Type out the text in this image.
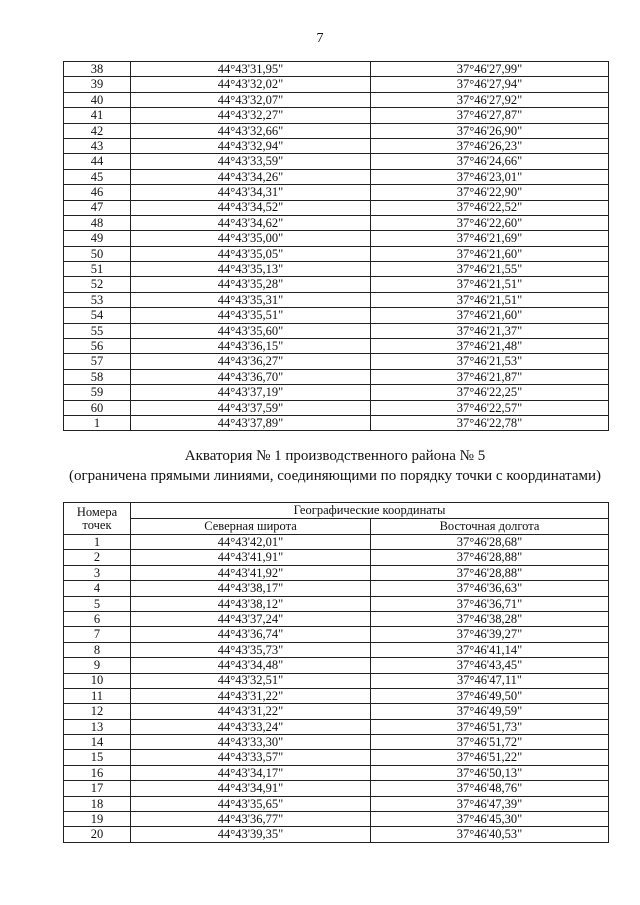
7
38	44°43'31,95"	37°46'27,99"
39	44°43'32,02"	37°46'27,94"
40	44°43'32,07"	37°46'27,92"
41	44°43'32,27"	37°46'27,87"
42	44°43'32,66"	37°46'26,90"
43	44°43'32,94"	37°46'26,23"
44	44°43'33,59"	37°46'24,66"
45	44°43'34,26"	37°46'23,01"
46	44°43'34,31"	37°46'22,90"
47	44°43'34,52"	37°46'22,52"
48	44°43'34,62"	37°46'22,60"
49	44°43'35,00"	37°46'21,69"
50	44°43'35,05"	37°46'21,60"
51	44°43'35,13"	37°46'21,55"
52	44°43'35,28"	37°46'21,51"
53	44°43'35,31"	37°46'21,51"
54	44°43'35,51"	37°46'21,60"
55	44°43'35,60"	37°46'21,37"
56	44°43'36,15"	37°46'21,48"
57	44°43'36,27"	37°46'21,53"
58	44°43'36,70"	37°46'21,87"
59	44°43'37,19"	37°46'22,25"
60	44°43'37,59"	37°46'22,57"
1	44°43'37,89"	37°46'22,78"
Акватория № 1 производственного района № 5
(ограничена прямыми линиями, соединяющими по порядку точки с координатами)
Номера
точек	Географические координаты	
	Северная широта	Восточная долгота
1	44°43'42,01"	37°46'28,68"
2	44°43'41,91"	37°46'28,88"
3	44°43'41,92"	37°46'28,88"
4	44°43'38,17"	37°46'36,63"
5	44°43'38,12"	37°46'36,71"
6	44°43'37,24"	37°46'38,28"
7	44°43'36,74"	37°46'39,27"
8	44°43'35,73"	37°46'41,14"
9	44°43'34,48"	37°46'43,45"
10	44°43'32,51"	37°46'47,11"
11	44°43'31,22"	37°46'49,50"
12	44°43'31,22"	37°46'49,59"
13	44°43'33,24"	37°46'51,73"
14	44°43'33,30"	37°46'51,72"
15	44°43'33,57"	37°46'51,22"
16	44°43'34,17"	37°46'50,13"
17	44°43'34,91"	37°46'48,76"
18	44°43'35,65"	37°46'47,39"
19	44°43'36,77"	37°46'45,30"
20	44°43'39,35"	37°46'40,53"
